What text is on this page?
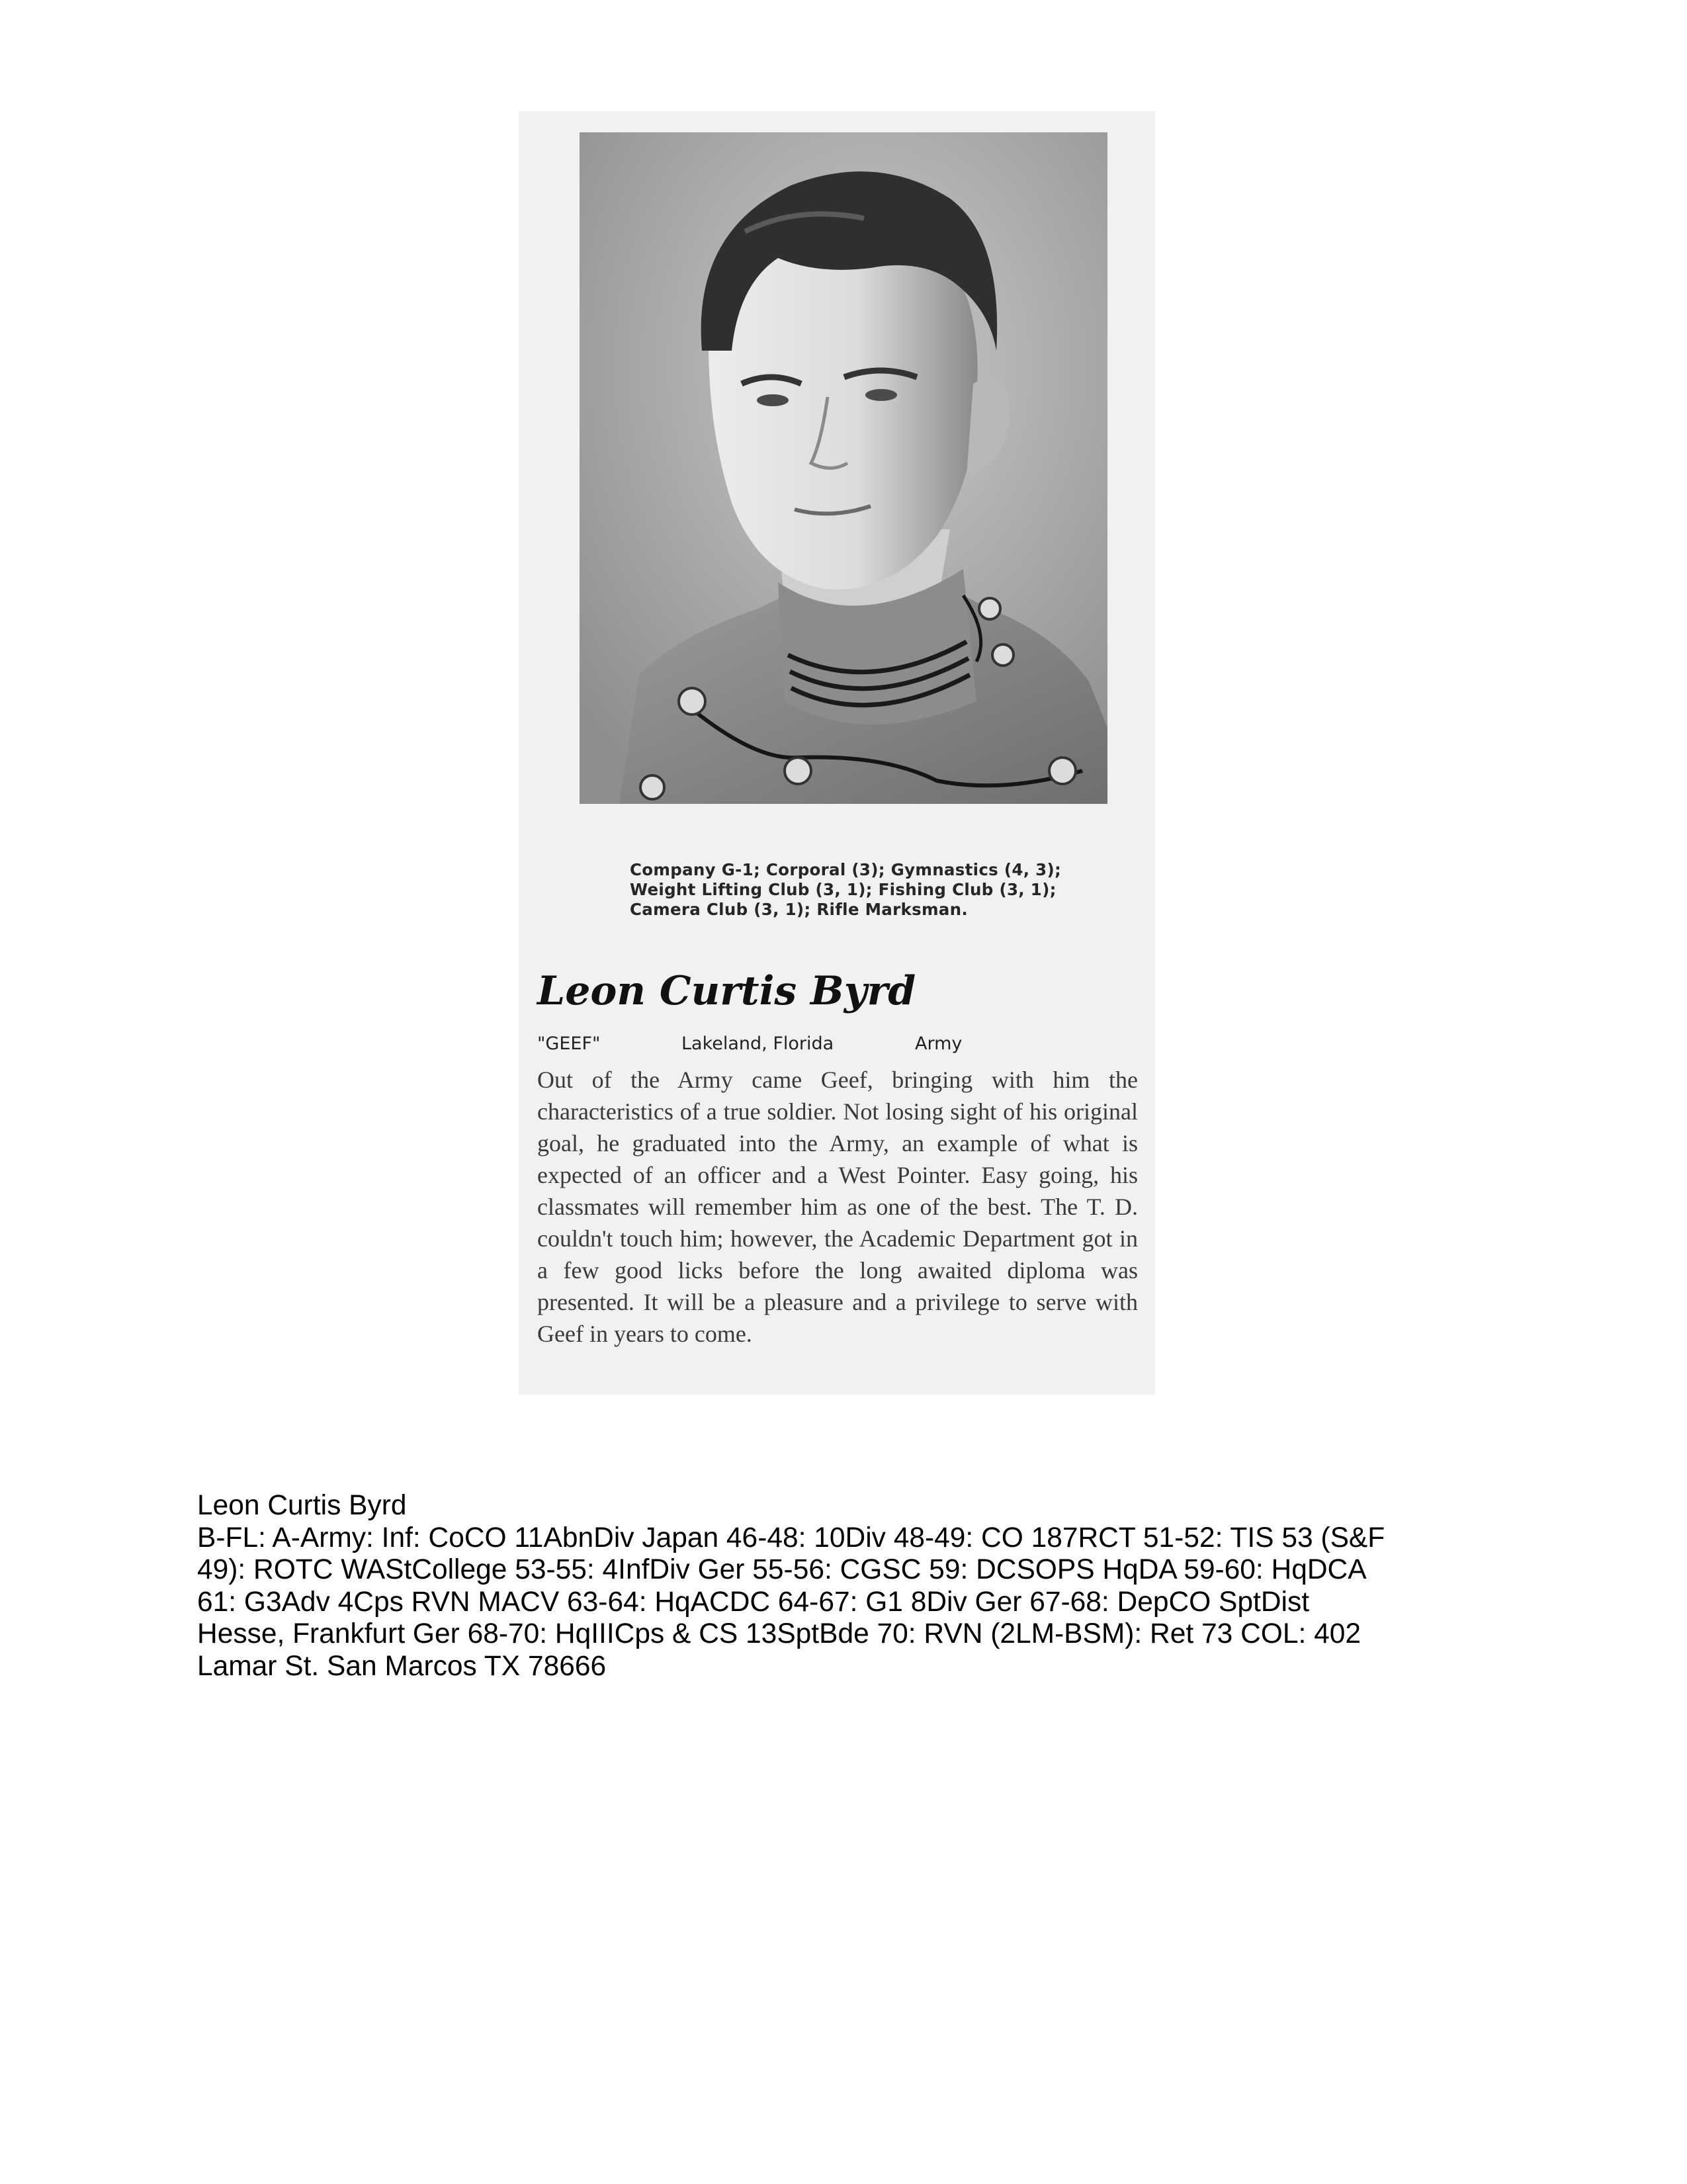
Company G-1; Corporal (3); Gymnastics (4, 3); Weight Lifting Club (3, 1); Fishing Club (3, 1); Camera Club (3, 1); Rifle Marksman.
Leon Curtis Byrd
"GEEF"	Lakeland, Florida	Army
Out of the Army came Geef, bringing with him the characteristics of a true soldier. Not losing sight of his original goal, he graduated into the Army, an example of what is expected of an officer and a West Pointer. Easy going, his classmates will remember him as one of the best. The T. D. couldn't touch him; however, the Academic Department got in a few good licks before the long awaited diploma was presented. It will be a pleasure and a privilege to serve with Geef in years to come.
Leon Curtis Byrd
B-FL: A-Army: Inf: CoCO 11AbnDiv Japan 46-48: 10Div 48-49: CO 187RCT 51-52: TIS 53 (S&F
49): ROTC WAStCollege 53-55: 4InfDiv Ger 55-56: CGSC 59: DCSOPS HqDA 59-60: HqDCA
61: G3Adv 4Cps RVN MACV 63-64: HqACDC 64-67: G1 8Div Ger 67-68: DepCO SptDist
Hesse, Frankfurt Ger 68-70: HqIIICps & CS 13SptBde 70: RVN (2LM-BSM): Ret 73 COL: 402
Lamar St. San Marcos TX 78666
